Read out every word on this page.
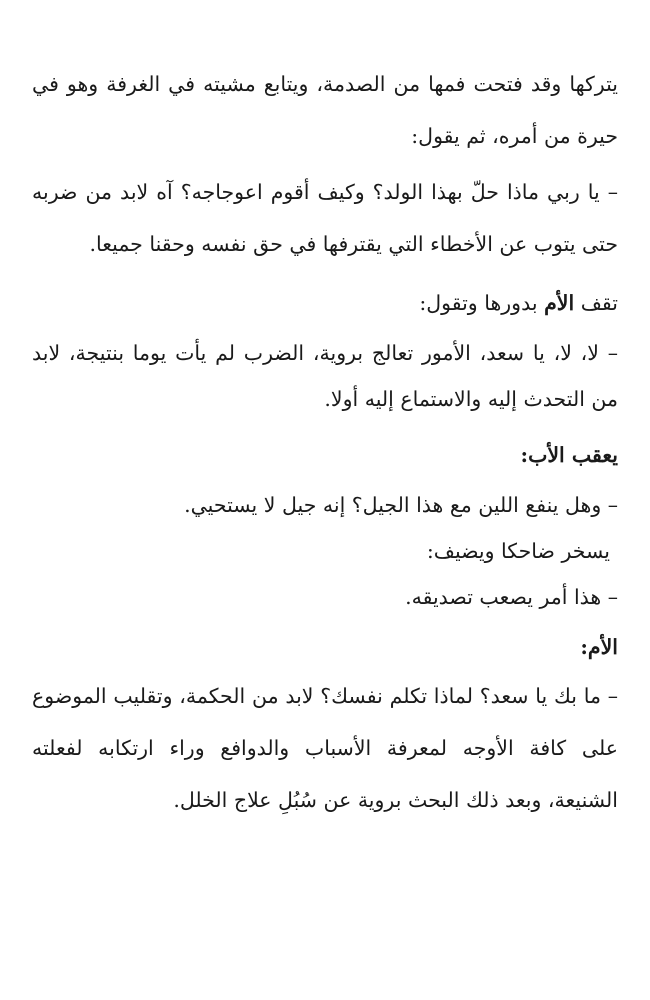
يتركها وقد فتحت فمها من الصدمة، ويتابع مشيته في الغرفة وهو في حيرة من أمره، ثم يقول:
– يا ربي ماذا حلّ بهذا الولد؟ وكيف أقوم اعوجاجه؟ آه لابد من ضربه حتى يتوب عن الأخطاء التي يقترفها في حق نفسه وحقنا جميعا.
تقف الأم بدورها وتقول:
– لا، لا، يا سعد، الأمور تعالج بروية، الضرب لم يأت يوما بنتيجة، لابد من التحدث إليه والاستماع إليه أولا.
يعقب الأب:
– وهل ينفع اللين مع هذا الجيل؟ إنه جيل لا يستحيي.
يسخر ضاحكا ويضيف:
– هذا أمر يصعب تصديقه.
الأم:
– ما بك يا سعد؟ لماذا تكلم نفسك؟ لابد من الحكمة، وتقليب الموضوع على كافة الأوجه لمعرفة الأسباب والدوافع وراء ارتكابه لفعلته الشنيعة، وبعد ذلك البحث بروية عن سُبُلِ علاج الخلل.
